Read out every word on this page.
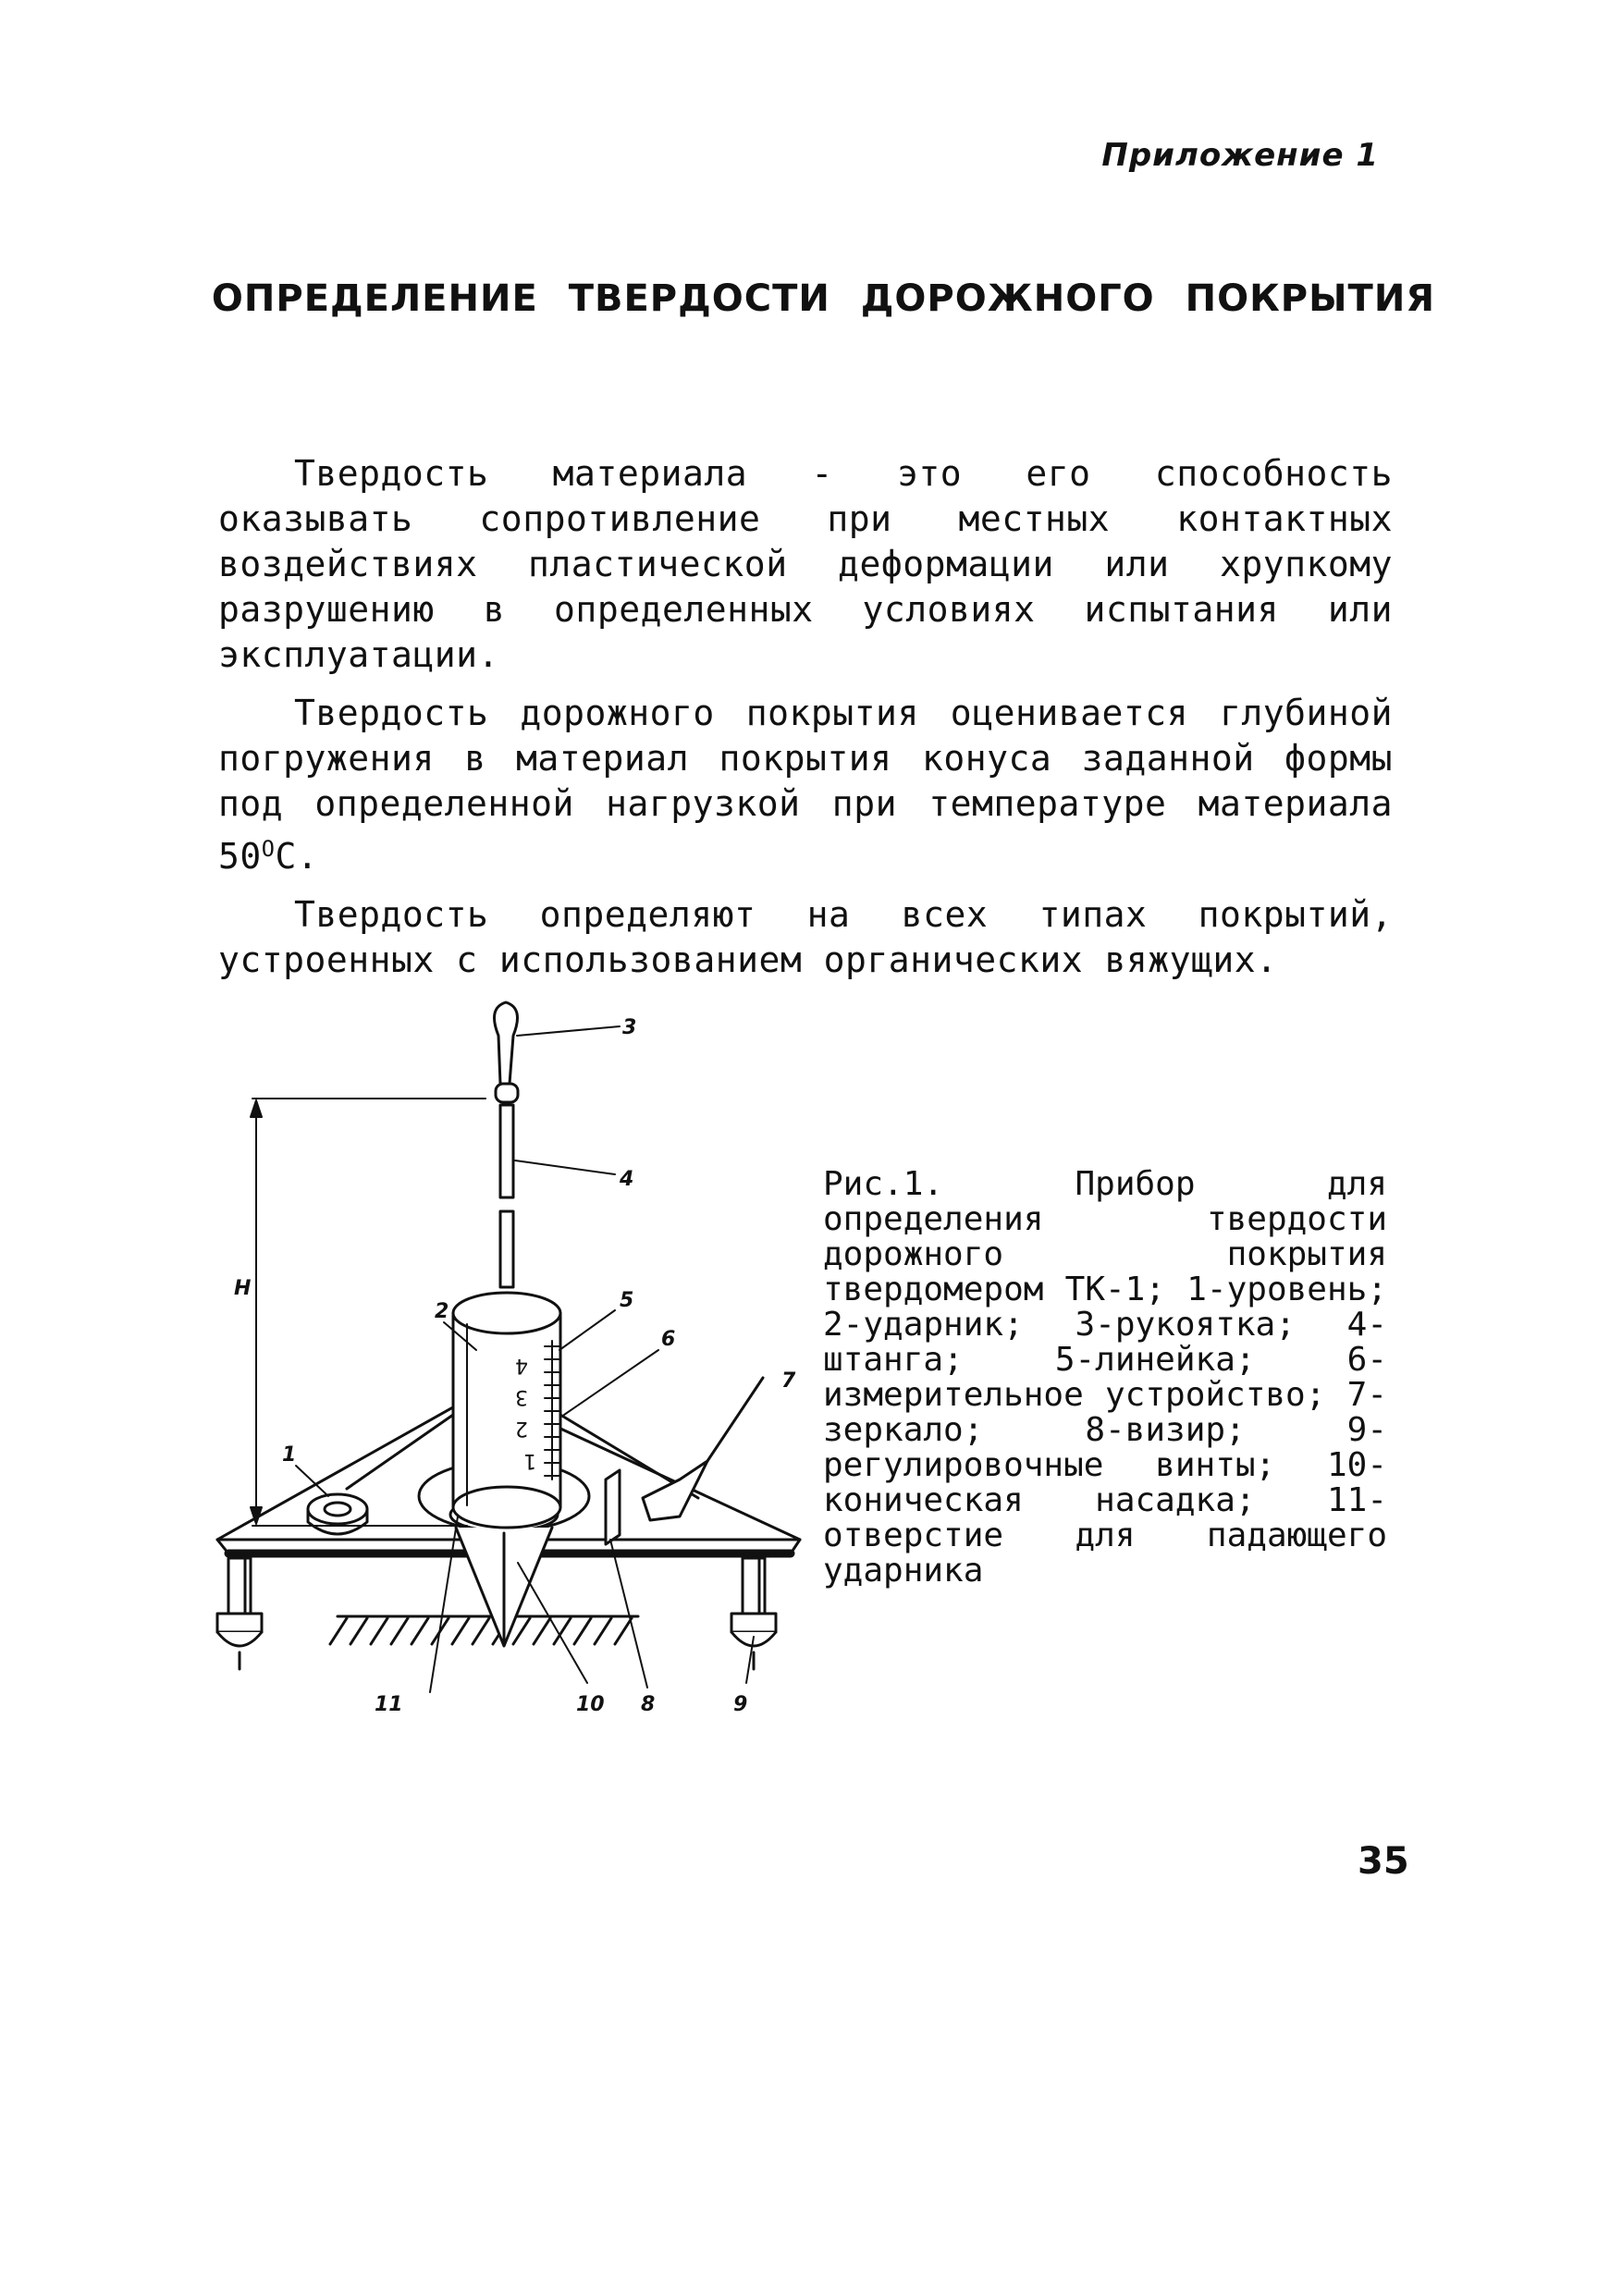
Приложение 1
ОПРЕДЕЛЕНИЕ ТВЕРДОСТИ ДОРОЖНОГО ПОКРЫТИЯ

Твердость материала - это его способность оказывать сопротивление при местных контактных воздействиях пластической деформации или хрупкому разрушению в определенных условиях испытания или эксплуатации.

Твердость дорожного покрытия оценивается глубиной погружения в материал покрытия конуса заданной формы под определенной нагрузкой при температуре материала $50^ОС$.

Твердость определяют на всех типах покрытий, устроенных с использованием органических вяжущих.

3
4
5
6
7
2
1
H
11	10 8	9
1
2
3
4
Рис.1. Прибор для определения твердости дорожного покрытия твердомером ТК-1; 1-уровень; 2-ударник; 3-рукоятка; 4-штанга; 5-линейка; 6-измерительное устройство; 7-зеркало; 8-визир; 9-регулировочные винты; 10-коническая насадка; 11-отверстие для падающего ударника
35
